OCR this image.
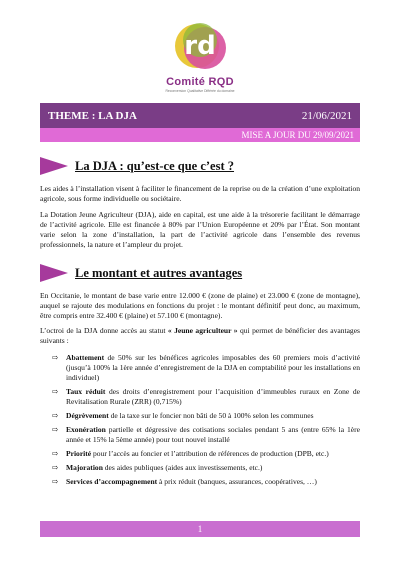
rd
Comité RQD
Reconversion Qualitative Différée du domaine
THEME : LA DJA	21/06/2021
MISE A JOUR DU 29/09/2021
La DJA : qu’est-ce que c’est ?
Les aides à l’installation visent à faciliter le financement de la reprise ou de la création d’une exploitation agricole, sous forme individuelle ou sociétaire.
La Dotation Jeune Agriculteur (DJA), aide en capital, est une aide à la trésorerie facilitant le démarrage de l’activité agricole. Elle est financée à 80% par l’Union Européenne et 20% par l’État. Son montant varie selon la zone d’installation, la part de l’activité agricole dans l’ensemble des revenus professionnels, la nature et l’ampleur du projet.
Le montant et autres avantages
En Occitanie, le montant de base varie entre 12.000 € (zone de plaine) et 23.000 € (zone de montagne), auquel se rajoute des modulations en fonctions du projet : le montant définitif peut donc, au maximum, être compris entre 32.400 € (plaine) et 57.100 € (montagne).
L’octroi de la DJA donne accès au statut « Jeune agriculteur » qui permet de bénéficier des avantages suivants :
⇨ Abattement de 50% sur les bénéfices agricoles imposables des 60 premiers mois d’activité (jusqu’à 100% la 1ère année d’enregistrement de la DJA en comptabilité pour les installations en individuel)
⇨ Taux réduit des droits d’enregistrement pour l’acquisition d’immeubles ruraux en Zone de Revitalisation Rurale (ZRR) (0,715%)
⇨ Dégrèvement de la taxe sur le foncier non bâti de 50 à 100% selon les communes
⇨ Exonération partielle et dégressive des cotisations sociales pendant 5 ans (entre 65% la 1ère année et 15% la 5ème année) pour tout nouvel installé
⇨ Priorité pour l’accès au foncier et l’attribution de références de production (DPB, etc.)
⇨ Majoration des aides publiques (aides aux investissements, etc.)
⇨ Services d’accompagnement à prix réduit (banques, assurances, coopératives, …)
1
